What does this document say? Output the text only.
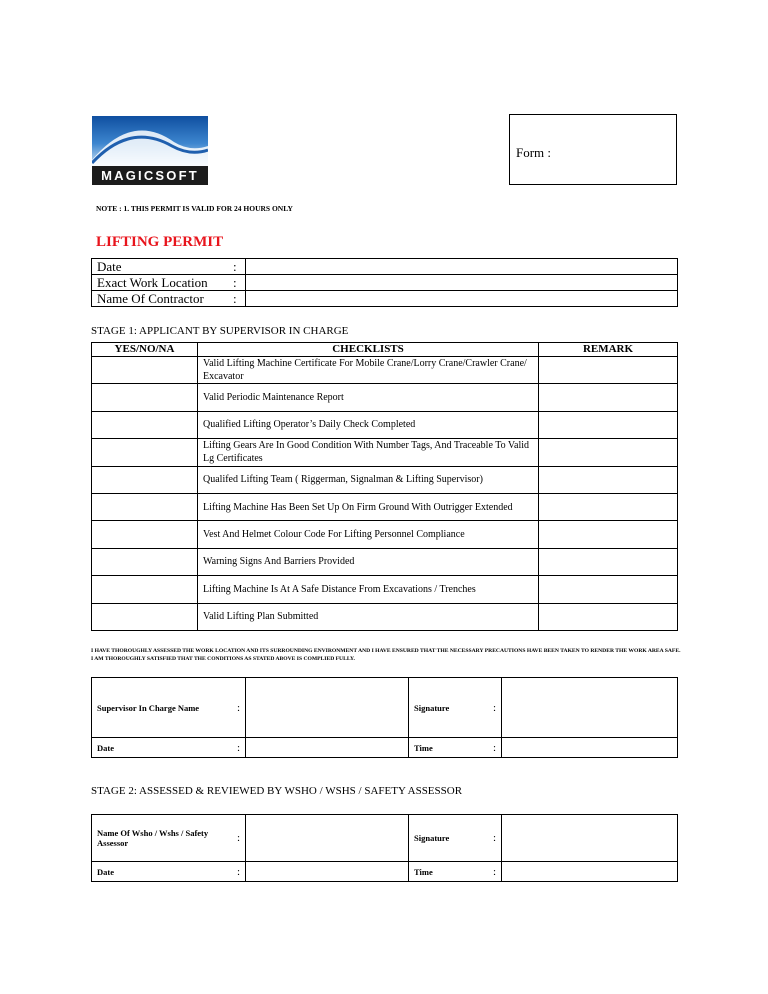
MAGICSOFT
Form :
NOTE : 1. THIS PERMIT IS VALID FOR 24 HOURS ONLY
LIFTING PERMIT
Date	:	
Exact Work Location	:	
Name Of Contractor	:	
STAGE 1: APPLICANT BY SUPERVISOR IN CHARGE
YES/NO/NA	CHECKLISTS	REMARK
	Valid Lifting Machine Certificate For Mobile Crane/Lorry Crane/Crawler Crane/ Excavator	
	Valid Periodic Maintenance Report	
	Qualified Lifting Operator’s Daily Check Completed	
	Lifting Gears Are In Good Condition With Number Tags, And Traceable To Valid Lg Certificates	
	Qualifed Lifting Team ( Riggerman, Signalman & Lifting Supervisor)	
	Lifting Machine Has Been Set Up On Firm Ground With Outrigger Extended	
	Vest And Helmet Colour Code For Lifting Personnel Compliance	
	Warning Signs And Barriers Provided	
	Lifting Machine Is At A Safe Distance From Excavations / Trenches	
	Valid Lifting Plan Submitted	
I HAVE THOROUGHLY ASSESSED THE WORK LOCATION AND ITS SURROUNDING ENVIRONMENT AND I HAVE ENSURED THAT THE NECESSARY PRECAUTIONS HAVE BEEN TAKEN TO RENDER THE WORK AREA SAFE. I AM THOROUGHLY SATISFIED THAT THE CONDITIONS AS STATED ABOVE IS COMPLIED FULLY.
Supervisor In Charge Name	:		Signature	:	
Date	:		Time	:	
STAGE 2: ASSESSED & REVIEWED BY WSHO / WSHS / SAFETY ASSESSOR
Name Of Wsho / Wshs / Safety Assessor	:		Signature	:	
Date	:		Time	:	
